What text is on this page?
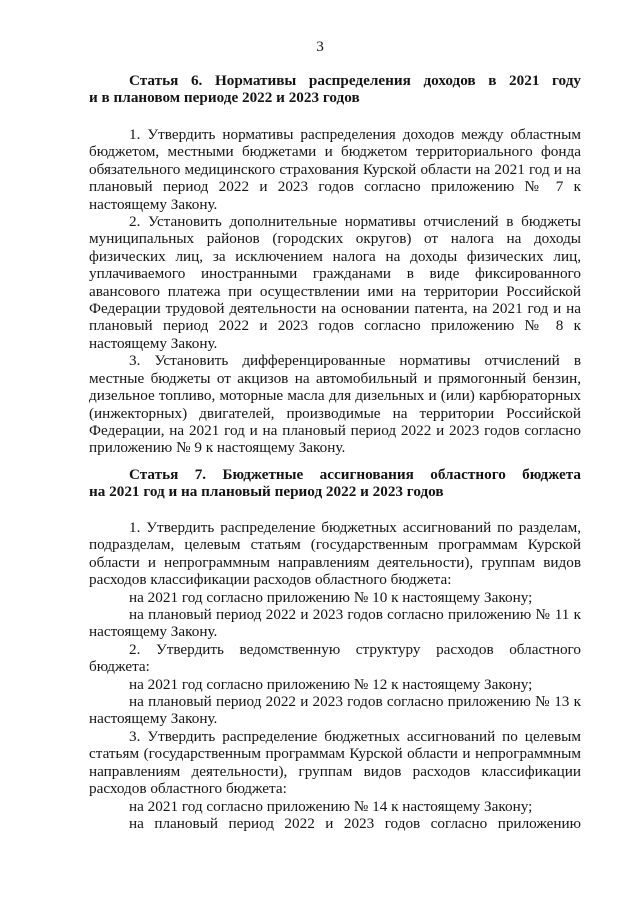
3
Статья 6. Нормативы распределения доходов в 2021 году
и в плановом периоде 2022 и 2023 годов

1. Утвердить нормативы распределения доходов между областным бюджетом, местными бюджетами и бюджетом территориального фонда обязательного медицинского страхования Курской области на 2021 год и на плановый период 2022 и 2023 годов согласно приложению № 7 к настоящему Закону.

2. Установить дополнительные нормативы отчислений в бюджеты муниципальных районов (городских округов) от налога на доходы физических лиц, за исключением налога на доходы физических лиц, уплачиваемого иностранными гражданами в виде фиксированного авансового платежа при осуществлении ими на территории Российской Федерации трудовой деятельности на основании патента, на 2021 год и на плановый период 2022 и 2023 годов согласно приложению № 8 к настоящему Закону.

3. Установить дифференцированные нормативы отчислений в местные бюджеты от акцизов на автомобильный и прямогонный бензин, дизельное топливо, моторные масла для дизельных и (или) карбюраторных (инжекторных) двигателей, производимые на территории Российской Федерации, на 2021 год и на плановый период 2022 и 2023 годов согласно приложению № 9 к настоящему Закону.

Статья 7. Бюджетные ассигнования областного бюджета
на 2021 год и на плановый период 2022 и 2023 годов

1. Утвердить распределение бюджетных ассигнований по разделам, подразделам, целевым статьям (государственным программам Курской области и непрограммным направлениям деятельности), группам видов расходов классификации расходов областного бюджета:

на 2021 год согласно приложению № 10 к настоящему Закону;

на плановый период 2022 и 2023 годов согласно приложению № 11 к настоящему Закону.

2. Утвердить ведомственную структуру расходов областного бюджета:

на 2021 год согласно приложению № 12 к настоящему Закону;

на плановый период 2022 и 2023 годов согласно приложению № 13 к настоящему Закону.

3. Утвердить распределение бюджетных ассигнований по целевым статьям (государственным программам Курской области и непрограммным направлениям деятельности), группам видов расходов классификации расходов областного бюджета:

на 2021 год согласно приложению № 14 к настоящему Закону;

на плановый период 2022 и 2023 годов согласно приложению
